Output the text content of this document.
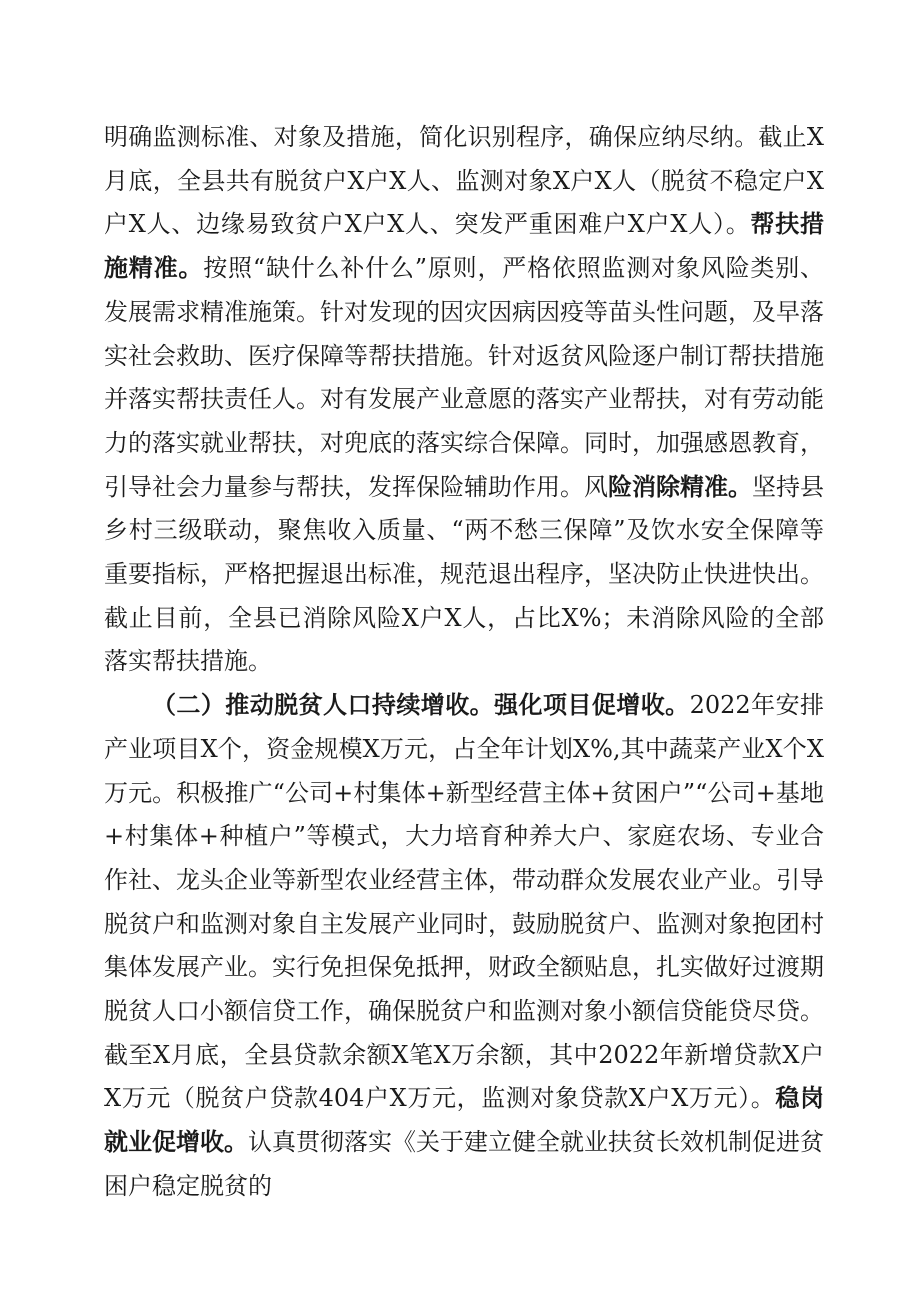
明确监测标准、对象及措施，简化识别程序，确保应纳尽纳。截止X月底，全县共有脱贫户X户X人、监测对象X户X人（脱贫不稳定户X户X人、边缘易致贫户X户X人、突发严重困难户X户X人）。帮扶措施精准。按照“缺什么补什么”原则，严格依照监测对象风险类别、发展需求精准施策。针对发现的因灾因病因疫等苗头性问题，及早落实社会救助、医疗保障等帮扶措施。针对返贫风险逐户制订帮扶措施并落实帮扶责任人。对有发展产业意愿的落实产业帮扶，对有劳动能力的落实就业帮扶，对兜底的落实综合保障。同时，加强感恩教育，引导社会力量参与帮扶，发挥保险辅助作用。风险消除精准。坚持县乡村三级联动，聚焦收入质量、“两不愁三保障”及饮水安全保障等重要指标，严格把握退出标准，规范退出程序，坚决防止快进快出。截止目前，全县已消除风险X户X人，占比X%；未消除风险的全部落实帮扶措施。

（二）推动脱贫人口持续增收。强化项目促增收。2022年安排产业项目X个，资金规模X万元，占全年计划X%,其中蔬菜产业X个X万元。积极推广“公司+村集体+新型经营主体+贫困户”“公司+基地+村集体+种植户”等模式，大力培育种养大户、家庭农场、专业合作社、龙头企业等新型农业经营主体，带动群众发展农业产业。引导脱贫户和监测对象自主发展产业同时，鼓励脱贫户、监测对象抱团村集体发展产业。实行免担保免抵押，财政全额贴息，扎实做好过渡期脱贫人口小额信贷工作，确保脱贫户和监测对象小额信贷能贷尽贷。截至X月底，全县贷款余额X笔X万余额，其中2022年新增贷款X户X万元（脱贫户贷款404户X万元，监测对象贷款X户X万元）。稳岗就业促增收。认真贯彻落实《关于建立健全就业扶贫长效机制促进贫困户稳定脱贫的
